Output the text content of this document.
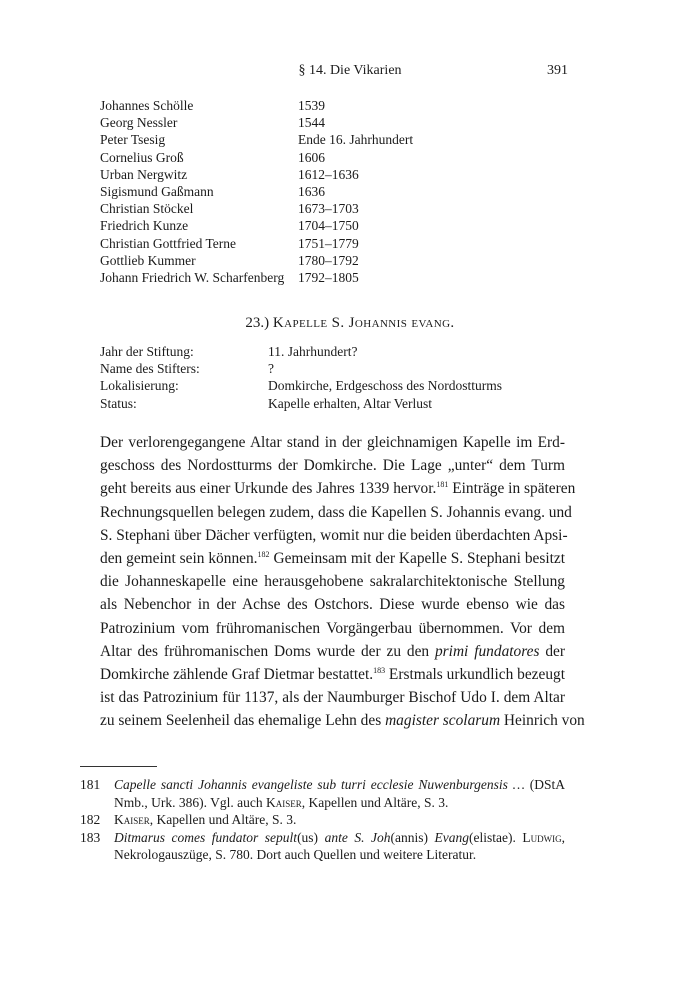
§ 14. Die Vikarien	391
Johannes Schölle	1539
Georg Nessler	1544
Peter Tsesig	Ende 16. Jahrhundert
Cornelius Groß	1606
Urban Nergwitz	1612–1636
Sigismund Gaßmann	1636
Christian Stöckel	1673–1703
Friedrich Kunze	1704–1750
Christian Gottfried Terne	1751–1779
Gottlieb Kummer	1780–1792
Johann Friedrich W. Scharfenberg	1792–1805
23.) Kapelle S. Johannis evang.
Jahr der Stiftung:	11. Jahrhundert?
Name des Stifters:	?
Lokalisierung:	Domkirche, Erdgeschoss des Nordostturms
Status:	Kapelle erhalten, Altar Verlust
Der verlorengegangene Altar stand in der gleichnamigen Kapelle im Erd-
geschoss des Nordostturms der Domkirche. Die Lage „unter“ dem Turm
geht bereits aus einer Urkunde des Jahres 1339 hervor.$^{181}$ Einträge in späteren
Rechnungsquellen belegen zudem, dass die Kapellen S. Johannis evang. und
S. Stephani über Dächer verfügten, womit nur die beiden überdachten Apsi-
den gemeint sein können.$^{182}$ Gemeinsam mit der Kapelle S. Stephani besitzt
die Johanneskapelle eine herausgehobene sakralarchitektonische Stellung
als Nebenchor in der Achse des Ostchors. Diese wurde ebenso wie das
Patrozinium vom frühromanischen Vorgängerbau übernommen. Vor dem
Altar des frühromanischen Doms wurde der zu den primi fundatores der
Domkirche zählende Graf Dietmar bestattet.$^{183}$ Erstmals urkundlich bezeugt
ist das Patrozinium für 1137, als der Naumburger Bischof Udo I. dem Altar
zu seinem Seelenheil das ehemalige Lehn des magister scolarum Heinrich von
181	Capelle sancti Johannis evangeliste sub turri ecclesie Nuwenburgensis … (DStA
Nmb., Urk. 386). Vgl. auch Kaiser, Kapellen und Altäre, S. 3.
182	Kaiser, Kapellen und Altäre, S. 3.
183	Ditmarus comes fundator sepult(us) ante S. Joh(annis) Evang(elistae). Ludwig,
Nekrologauszüge, S. 780. Dort auch Quellen und weitere Literatur.
